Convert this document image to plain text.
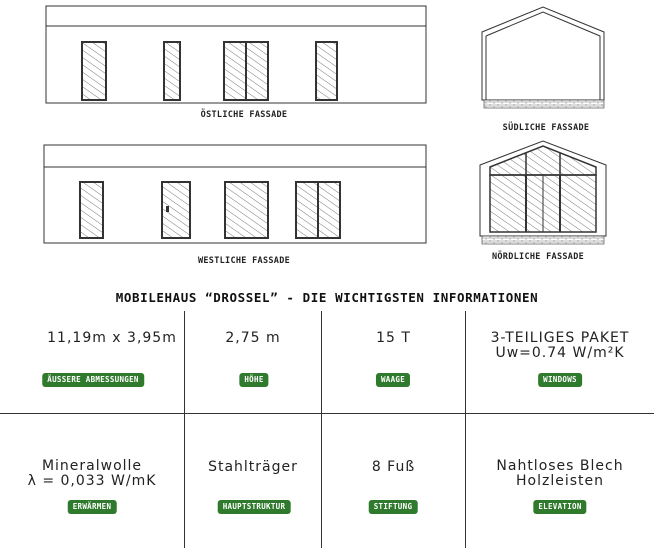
ÖSTLICHE FASSADE
SÜDLICHE FASSADE
WESTLICHE FASSADE	NÖRDLICHE FASSADE
MOBILEHAUS “DROSSEL” - DIE WICHTIGSTEN INFORMATIONEN
11,19m x 3,95m
ÄUSSERE ABMESSUNGEN
2,75 m
HÖHE
15 T
WAAGE
3-TEILIGES PAKET
Uw=0.74 W/m²K
WINDOWS
Mineralwolle
λ = 0,033 W/mK
ERWÄRMEN
Stahlträger
HAUPTSTRUKTUR
8 Fuß
STIFTUNG
Nahtloses Blech
Holzleisten
ELEVATION
